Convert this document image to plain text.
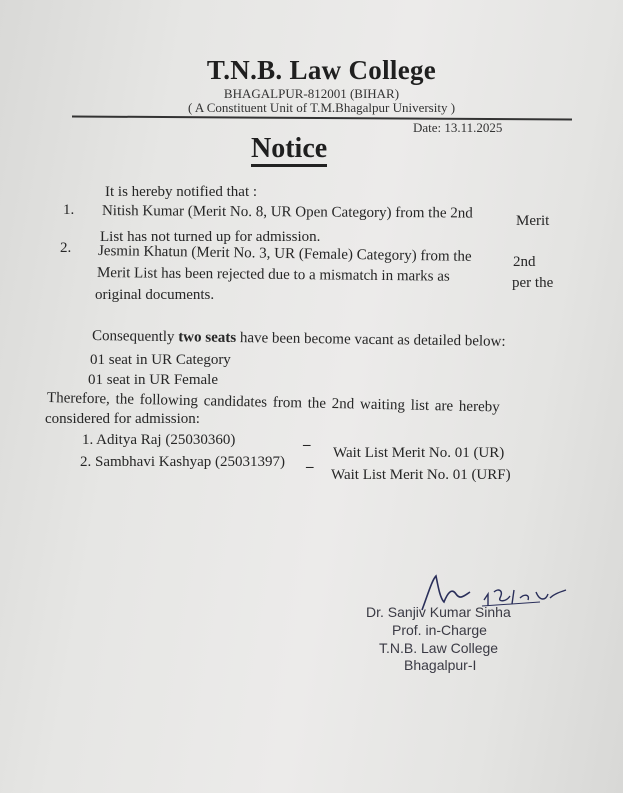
T.N.B. Law College
BHAGALPUR-812001 (BIHAR)
( A Constituent Unit of T.M.Bhagalpur University )
Date: 13.11.2025
Notice
It is hereby notified that :
1. Nitish Kumar (Merit No. 8, UR Open Category) from the 2nd	Merit
List has not turned up for admission.
2. Jesmin Khatun (Merit No. 3, UR (Female) Category) from the	2nd
Merit List has been rejected due to a mismatch in marks as	per the
original documents.
Consequently two seats have been become vacant as detailed below:
01 seat in UR Category
01 seat in UR Female
Therefore, the following candidates from the 2nd waiting list are hereby
considered for admission:
1. Aditya Raj (25030360)	– Wait List Merit No. 01 (UR)
2. Sambhavi Kashyap (25031397) – Wait List Merit No. 01 (URF)
Dr. Sanjiv Kumar Sinha
Prof. in-Charge
T.N.B. Law College
Bhagalpur-I
